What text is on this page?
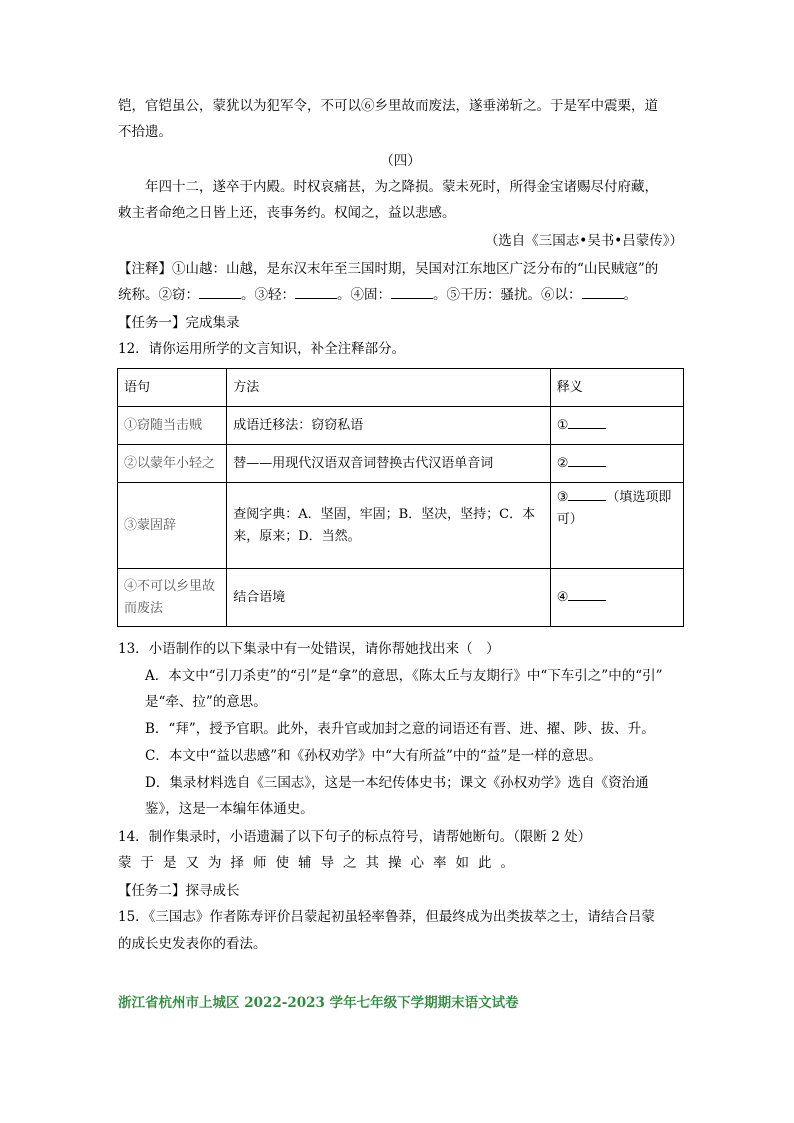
铠，官铠虽公，蒙犹以为犯军令，不可以⑥乡里故而废法，遂垂涕斩之。于是军中震栗，道
不拾遗。
（四）
年四十二，遂卒于内殿。时权哀痛甚，为之降损。蒙未死时，所得金宝诸赐尽付府藏，
敕主者命绝之日皆上还，丧事务约。权闻之，益以悲感。
（选自《三国志•吴书•吕蒙传》）
【注释】①山越：山越，是东汉末年至三国时期，吴国对江东地区广泛分布的“山民贼寇”的
统称。②窃：	。③轻：	。④固：	。⑤干历：骚扰。⑥以：	。
【任务一】完成集录
12．请你运用所学的文言知识，补全注释部分。
语句	方法	释义
①窃随当击贼	成语迁移法：窃窃私语	①
②以蒙年小轻之	替——用现代汉语双音词替换古代汉语单音词	②
③蒙固辞	查阅字典：A．坚固，牢固；B．坚决，坚持；C．本来，原来；D．当然。	③ （填选项即可）
④不可以乡里故而废法	结合语境	④
13．小语制作的以下集录中有一处错误，请你帮她找出来（　）
A．本文中“引刀杀吏”的“引”是“拿”的意思，《陈太丘与友期行》中“下车引之”中的“引”
是“牵、拉”的意思。
B．“拜”，授予官职。此外，表升官或加封之意的词语还有晋、进、擢、陟、拔、升。
C．本文中“益以悲感”和《孙权劝学》中“大有所益”中的“益”是一样的意思。
D．集录材料选自《三国志》，这是一本纪传体史书；课文《孙权劝学》选自《资治通
鉴》，这是一本编年体通史。
14．制作集录时，小语遗漏了以下句子的标点符号，请帮她断句。（限断 2 处）
蒙于是又为择师使辅导之其操心率如此。
【任务二】探寻成长
15．《三国志》作者陈寿评价吕蒙起初虽轻率鲁莽，但最终成为出类拔萃之士，请结合吕蒙
的成长史发表你的看法。
浙江省杭州市上城区 2022-2023 学年七年级下学期期末语文试卷
